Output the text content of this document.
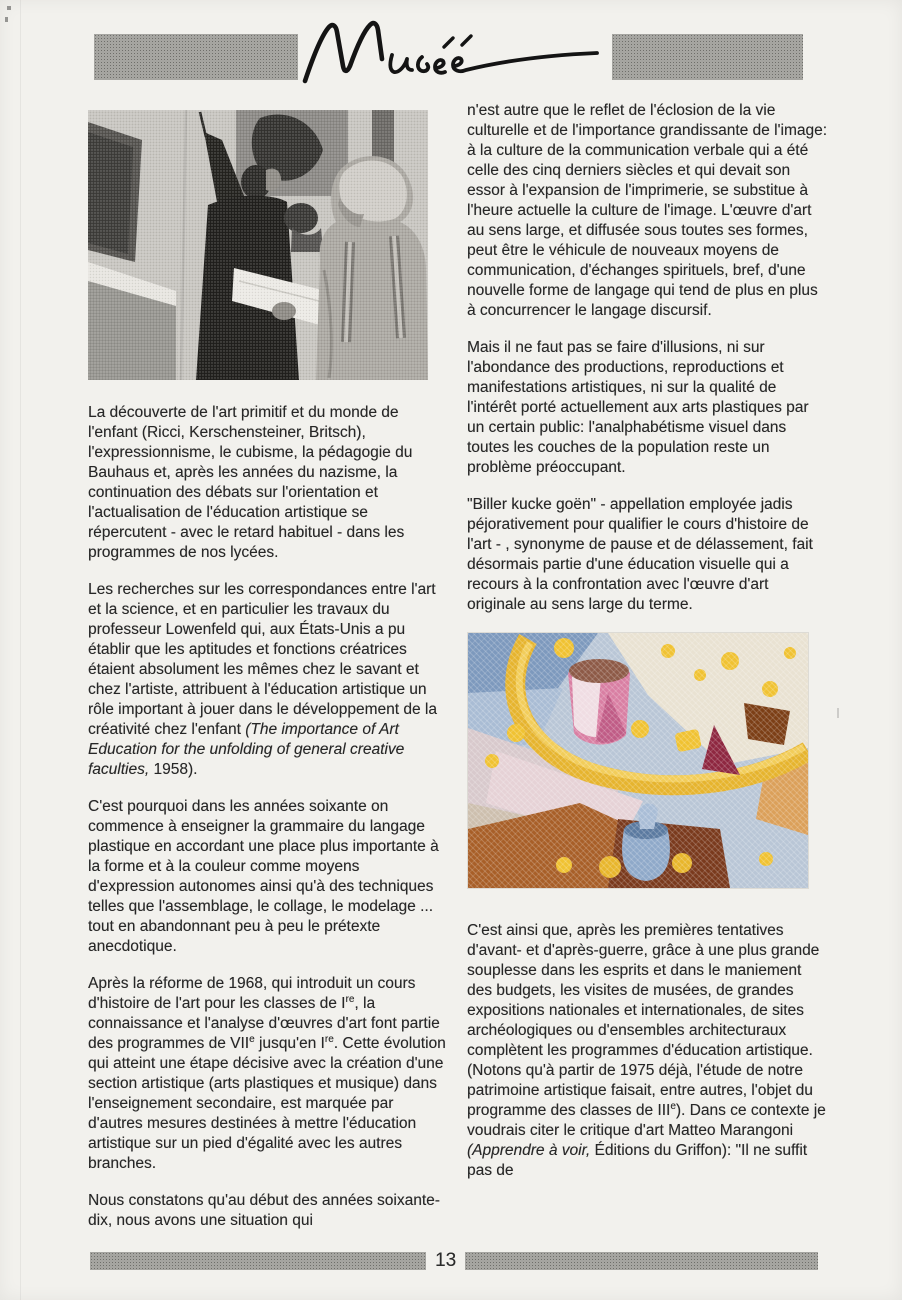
La découverte de l'art primitif et du monde de l'enfant (Ricci, Kerschensteiner, Britsch), l'expressionnisme, le cubisme, la pédagogie du Bauhaus et, après les années du nazisme, la continuation des débats sur l'orientation et l'actualisation de l'éducation artistique se répercutent - avec le retard habituel - dans les programmes de nos lycées.

Les recherches sur les correspondances entre l'art et la science, et en particulier les travaux du professeur Lowenfeld qui, aux États-Unis a pu établir que les aptitudes et fonctions créatrices étaient absolument les mêmes chez le savant et chez l'artiste, attribuent à l'éducation artistique un rôle important à jouer dans le développement de la créativité chez l'enfant (The importance of Art Education for the unfolding of general creative faculties, 1958).

C'est pourquoi dans les années soixante on commence à enseigner la grammaire du langage plastique en accordant une place plus importante à la forme et à la couleur comme moyens d'expression autonomes ainsi qu'à des techniques telles que l'assemblage, le collage, le modelage ... tout en abandonnant peu à peu le prétexte anecdotique.

Après la réforme de 1968, qui introduit un cours d'histoire de l'art pour les classes de Ire, la connaissance et l'analyse d'œuvres d'art font partie des programmes de VIIe jusqu'en Ire. Cette évolution qui atteint une étape décisive avec la création d'une section artistique (arts plastiques et musique) dans l'enseignement secondaire, est marquée par d'autres mesures destinées à mettre l'éducation artistique sur un pied d'égalité avec les autres branches.

Nous constatons qu'au début des années soixante-dix, nous avons une situation qui

n'est autre que le reflet de l'éclosion de la vie culturelle et de l'importance grandissante de l'image: à la culture de la communication verbale qui a été celle des cinq derniers siècles et qui devait son essor à l'expansion de l'imprimerie, se substitue à l'heure actuelle la culture de l'image. L'œuvre d'art au sens large, et diffusée sous toutes ses formes, peut être le véhicule de nouveaux moyens de communication, d'échanges spirituels, bref, d'une nouvelle forme de langage qui tend de plus en plus à concurrencer le langage discursif.

Mais il ne faut pas se faire d'illusions, ni sur l'abondance des productions, reproductions et manifestations artistiques, ni sur la qualité de l'intérêt porté actuellement aux arts plastiques par un certain public: l'analphabétisme visuel dans toutes les couches de la population reste un problème préoccupant.

"Biller kucke goën" - appellation employée jadis péjorativement pour qualifier le cours d'histoire de l'art - , synonyme de pause et de délassement, fait désormais partie d'une éducation visuelle qui a recours à la confrontation avec l'œuvre d'art originale au sens large du terme.

C'est ainsi que, après les premières tentatives d'avant- et d'après-guerre, grâce à une plus grande souplesse dans les esprits et dans le maniement des budgets, les visites de musées, de grandes expositions nationales et internationales, de sites archéologiques ou d'ensembles architecturaux complètent les programmes d'éducation artistique. (Notons qu'à partir de 1975 déjà, l'étude de notre patrimoine artistique faisait, entre autres, l'objet du programme des classes de IIIe). Dans ce contexte je voudrais citer le critique d'art Matteo Marangoni (Apprendre à voir, Éditions du Griffon): "Il ne suffit pas de

13
